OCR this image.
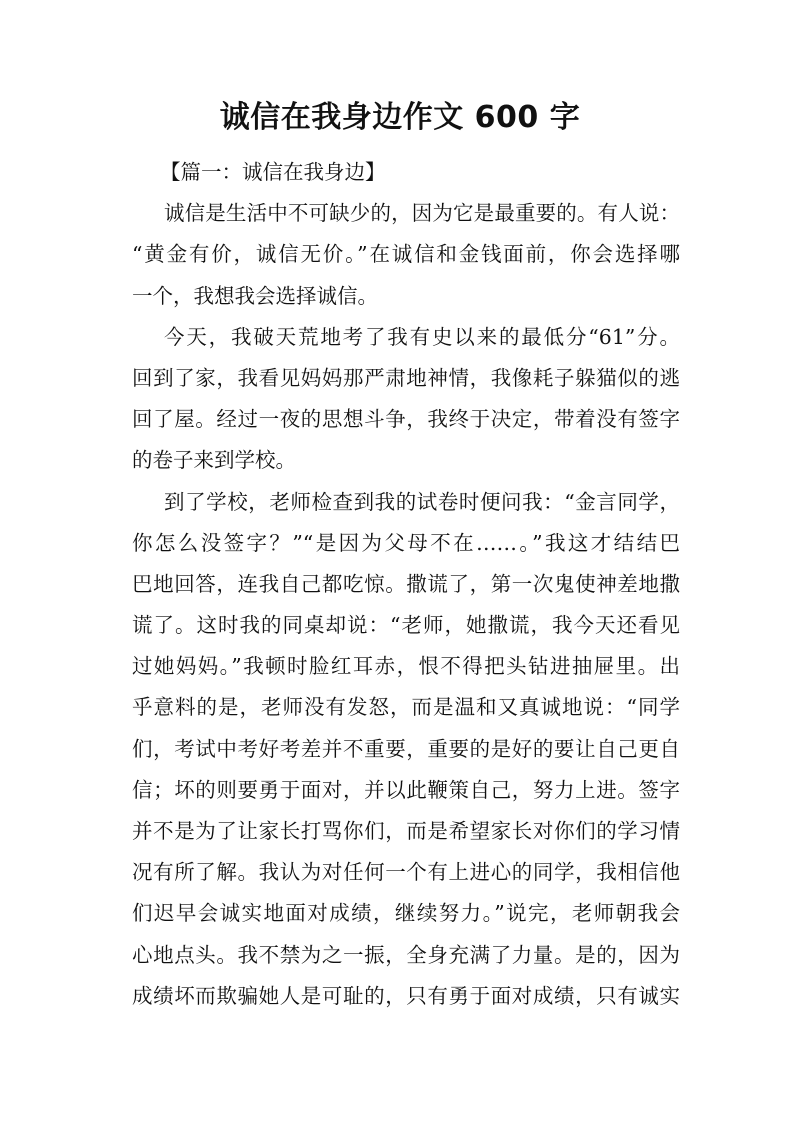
诚信在我身边作文 600 字
【篇一：诚信在我身边】
诚信是生活中不可缺少的，因为它是最重要的。有人说：
“黄金有价，诚信无价。”在诚信和金钱面前，你会选择哪
一个，我想我会选择诚信。
今天，我破天荒地考了我有史以来的最低分“61”分。
回到了家，我看见妈妈那严肃地神情，我像耗子躲猫似的逃
回了屋。经过一夜的思想斗争，我终于决定，带着没有签字
的卷子来到学校。
到了学校，老师检查到我的试卷时便问我：“金言同学，
你怎么没签字？”“是因为父母不在……。”我这才结结巴
巴地回答，连我自己都吃惊。撒谎了，第一次鬼使神差地撒
谎了。这时我的同桌却说：“老师，她撒谎，我今天还看见
过她妈妈。”我顿时脸红耳赤，恨不得把头钻进抽屉里。出
乎意料的是，老师没有发怒，而是温和又真诚地说：“同学
们，考试中考好考差并不重要，重要的是好的要让自己更自
信；坏的则要勇于面对，并以此鞭策自己，努力上进。签字
并不是为了让家长打骂你们，而是希望家长对你们的学习情
况有所了解。我认为对任何一个有上进心的同学，我相信他
们迟早会诚实地面对成绩，继续努力。”说完，老师朝我会
心地点头。我不禁为之一振，全身充满了力量。是的，因为
成绩坏而欺骗她人是可耻的，只有勇于面对成绩，只有诚实
